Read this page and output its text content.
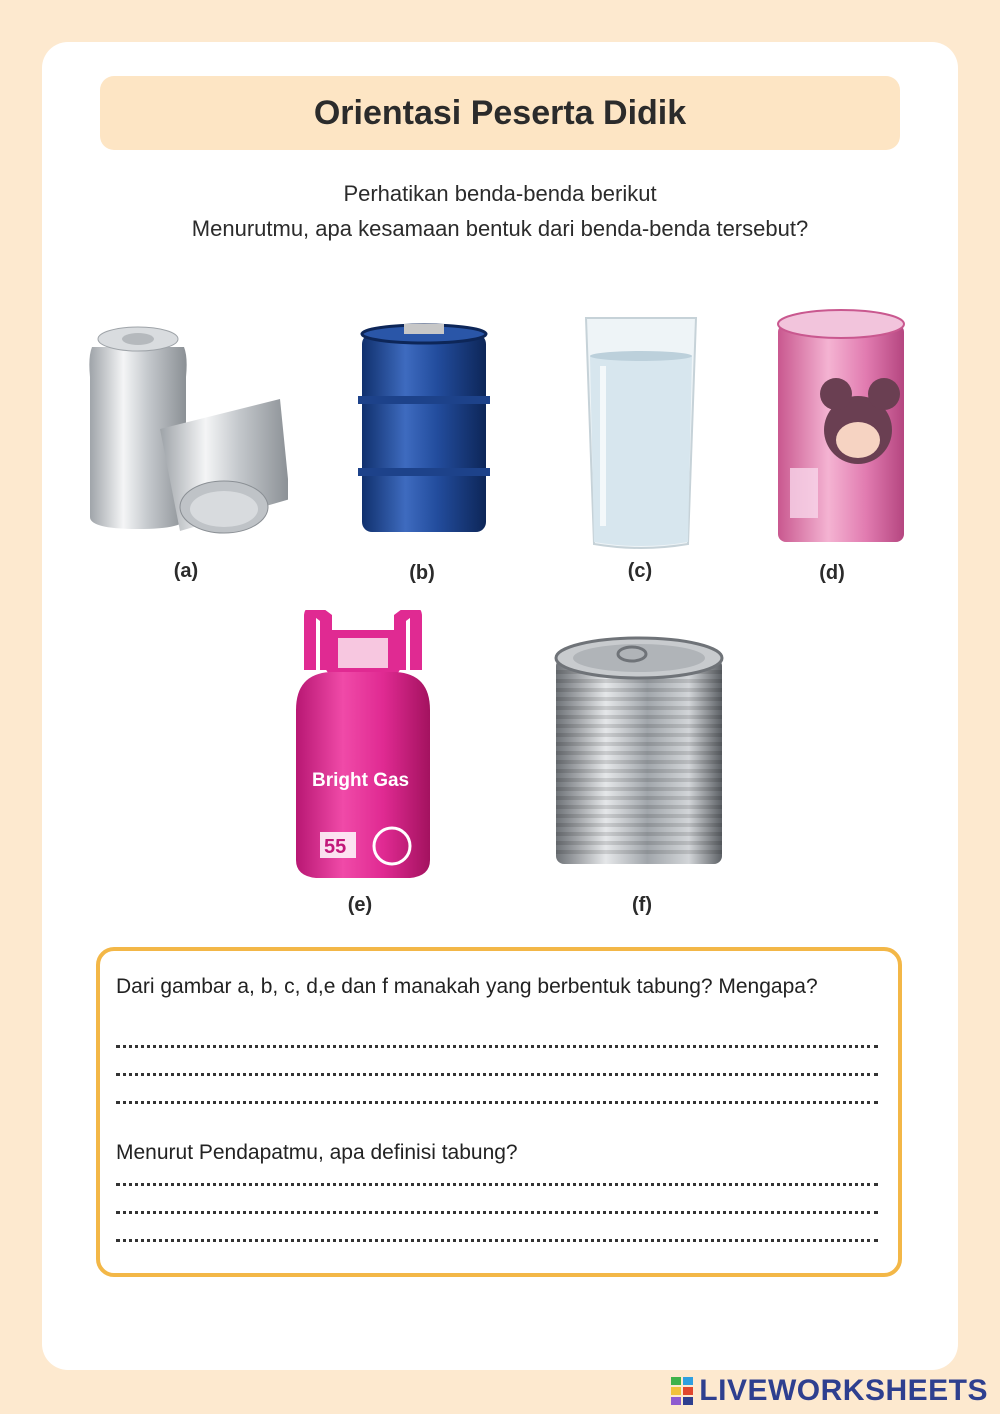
Orientasi Peserta Didik
Perhatikan benda-benda berikut
Menurutmu, apa kesamaan bentuk dari benda-benda tersebut?
(a)	(b)	(c)	(d)
Bright Gas
55
(e)	(f)
Dari gambar a, b, c, d,e dan f manakah yang berbentuk tabung? Mengapa?
Menurut Pendapatmu, apa definisi tabung?
LIVEWORKSHEETS
